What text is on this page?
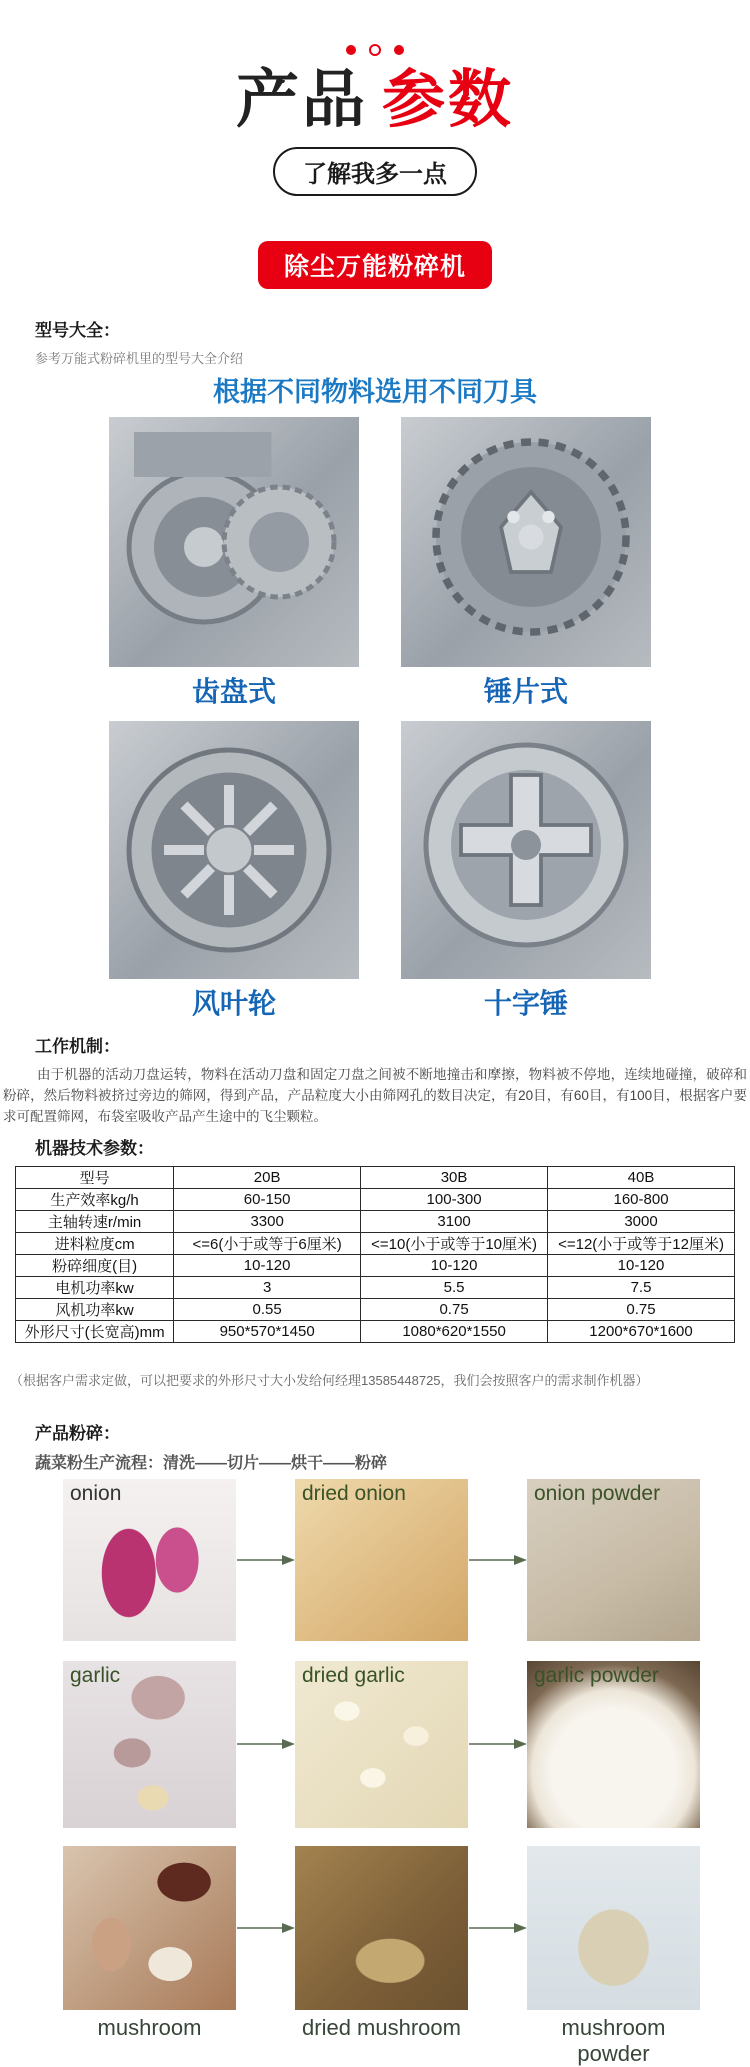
产品 参数
了解我多一点
除尘万能粉碎机
型号大全：
参考万能式粉碎机里的型号大全介绍
根据不同物料选用不同刀具
齿盘式	锤片式
风叶轮	十字锤
工作机制：
由于机器的活动刀盘运转，物料在活动刀盘和固定刀盘之间被不断地撞击和摩擦，物料被不停地，连续地碰撞，破碎和粉碎，然后物料被挤过旁边的筛网，得到产品，产品粒度大小由筛网孔的数目决定，有20目，有60目，有100目，根据客户要求可配置筛网，布袋室吸收产品产生途中的飞尘颗粒。
机器技术参数：
型号	20B	30B	40B
生产效率kg/h	60-150	100-300	160-800
主轴转速r/min	3300	3100	3000
进料粒度cm	<=6(小于或等于6厘米)	<=10(小于或等于10厘米)	<=12(小于或等于12厘米)
粉碎细度(目)	10-120	10-120	10-120
电机功率kw	3	5.5	7.5
风机功率kw	0.55	0.75	0.75
外形尺寸(长宽高)mm	950*570*1450	1080*620*1550	1200*670*1600
（根据客户需求定做，可以把要求的外形尺寸大小发给何经理13585448725，我们会按照客户的需求制作机器）
产品粉碎：
蔬菜粉生产流程：清洗——切片——烘干——粉碎
onion	dried onion	onion powder
garlic	dried garlic	garlic powder
mushroom	dried mushroom	mushroom powder
